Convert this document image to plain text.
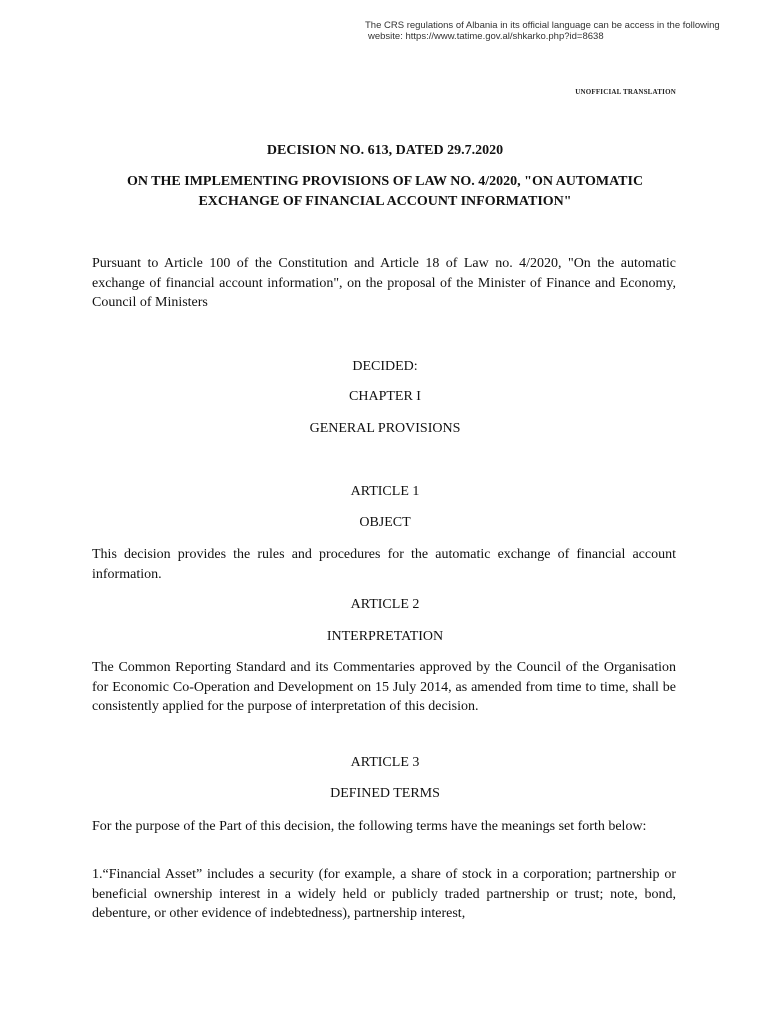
The CRS regulations of Albania in its official language can be access in the following
website: https://www.tatime.gov.al/shkarko.php?id=8638
UNOFFICIAL TRANSLATION
DECISION NO. 613, DATED 29.7.2020
ON THE IMPLEMENTING PROVISIONS OF LAW NO. 4/2020, "ON AUTOMATIC EXCHANGE OF FINANCIAL ACCOUNT INFORMATION"
Pursuant to Article 100 of the Constitution and Article 18 of Law no. 4/2020, "On the automatic exchange of financial account information", on the proposal of the Minister of Finance and Economy, Council of Ministers
DECIDED:
CHAPTER I
GENERAL PROVISIONS
ARTICLE 1
OBJECT
This decision provides the rules and procedures for the automatic exchange of financial account information.
ARTICLE 2
INTERPRETATION
The Common Reporting Standard and its Commentaries approved by the Council of the Organisation for Economic Co-Operation and Development on 15 July 2014, as amended from time to time, shall be consistently applied for the purpose of interpretation of this decision.
ARTICLE 3
DEFINED TERMS
For the purpose of the Part of this decision, the following terms have the meanings set forth below:
1.“Financial Asset” includes a security (for example, a share of stock in a corporation; partnership or beneficial ownership interest in a widely held or publicly traded partnership or trust; note, bond, debenture, or other evidence of indebtedness), partnership interest,
